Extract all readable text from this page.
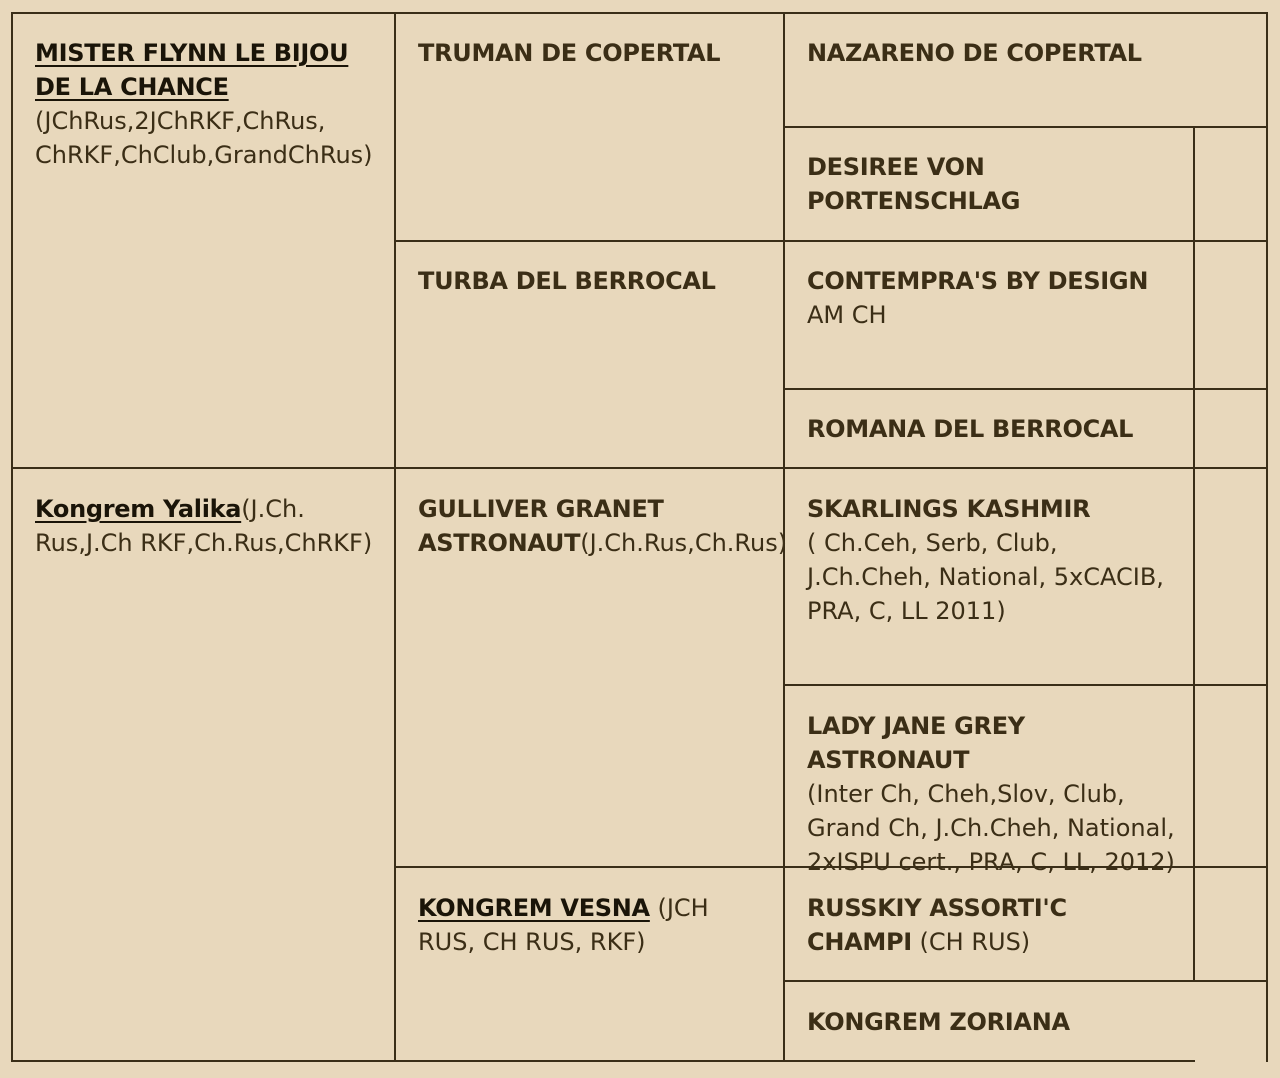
MISTER FLYNN LE BIJOU DE LA CHANCE
(JChRus,2JChRKF,ChRus, ChRKF,ChClub,GrandChRus)
Kongrem Yalika(J.Ch. Rus,J.Ch RKF,Ch.Rus,ChRKF)
TRUMAN DE COPERTAL
TURBA DEL BERROCAL
GULLIVER GRANET ASTRONAUT(J.Ch.Rus,Ch.Rus)
KONGREM VESNA (JCH RUS, CH RUS, RKF)
NAZARENO DE COPERTAL
DESIREE VON PORTENSCHLAG
CONTEMPRA'S BY DESIGN
AM CH
ROMANA DEL BERROCAL
SKARLINGS KASHMIR
( Ch.Ceh, Serb, Club, J.Ch.Cheh, National, 5xCACIB, PRA, C, LL 2011)
LADY JANE GREY ASTRONAUT
(Inter Ch, Cheh,Slov, Club, Grand Ch, J.Ch.Cheh, National, 2xISPU cert., PRA, C, LL, 2012)
RUSSKIY ASSORTI'C CHAMPI (CH RUS)
KONGREM ZORIANA
